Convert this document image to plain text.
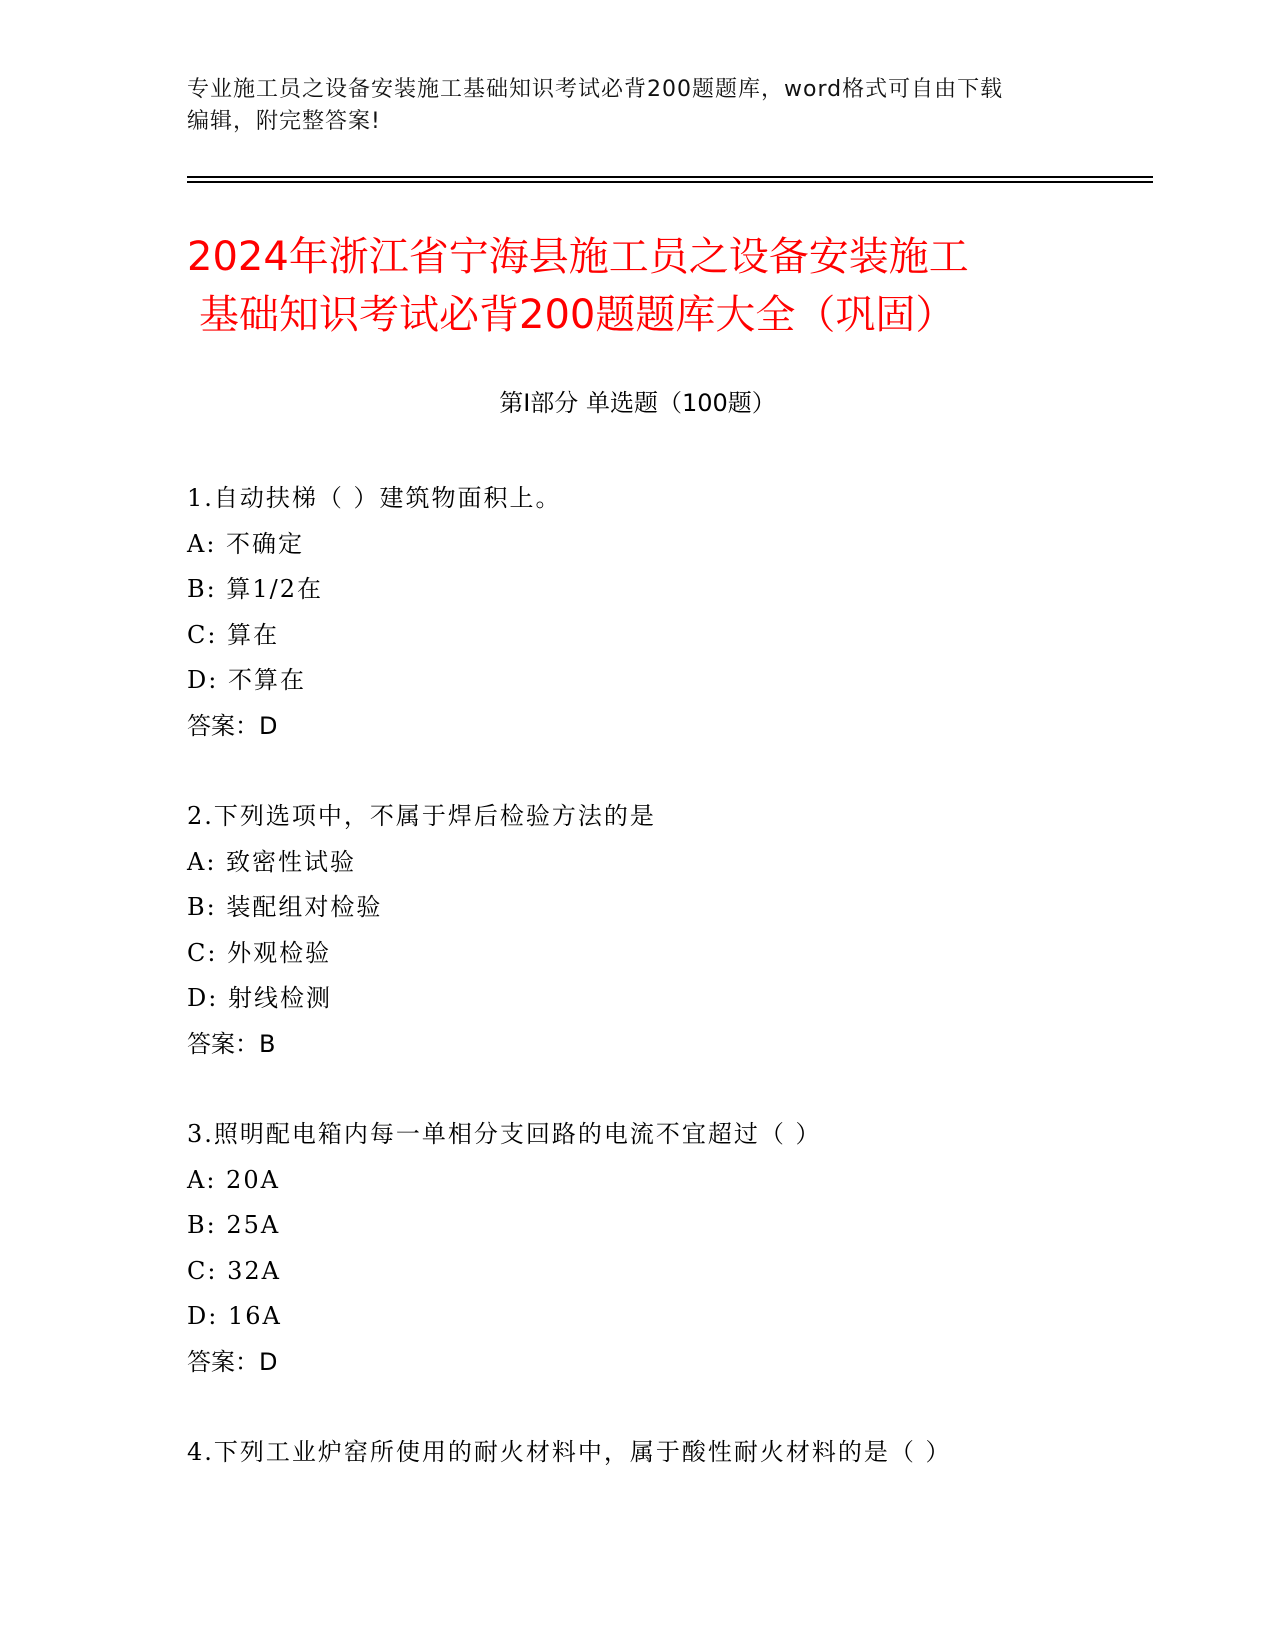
专业施工员之设备安装施工基础知识考试必背200题题库，word格式可自由下载
编辑，附完整答案!
2024年浙江省宁海县施工员之设备安装施工
基础知识考试必背200题题库大全（巩固）
第I部分 单选题（100题）
1.自动扶梯（ ）建筑物面积上。
A: 不确定
B: 算1/2在
C: 算在
D: 不算在
答案：D
2.下列选项中，不属于焊后检验方法的是
A: 致密性试验
B: 装配组对检验
C: 外观检验
D: 射线检测
答案：B
3.照明配电箱内每一单相分支回路的电流不宜超过（ ）
A: 20A
B: 25A
C: 32A
D: 16A
答案：D
4.下列工业炉窑所使用的耐火材料中，属于酸性耐火材料的是（ ）
